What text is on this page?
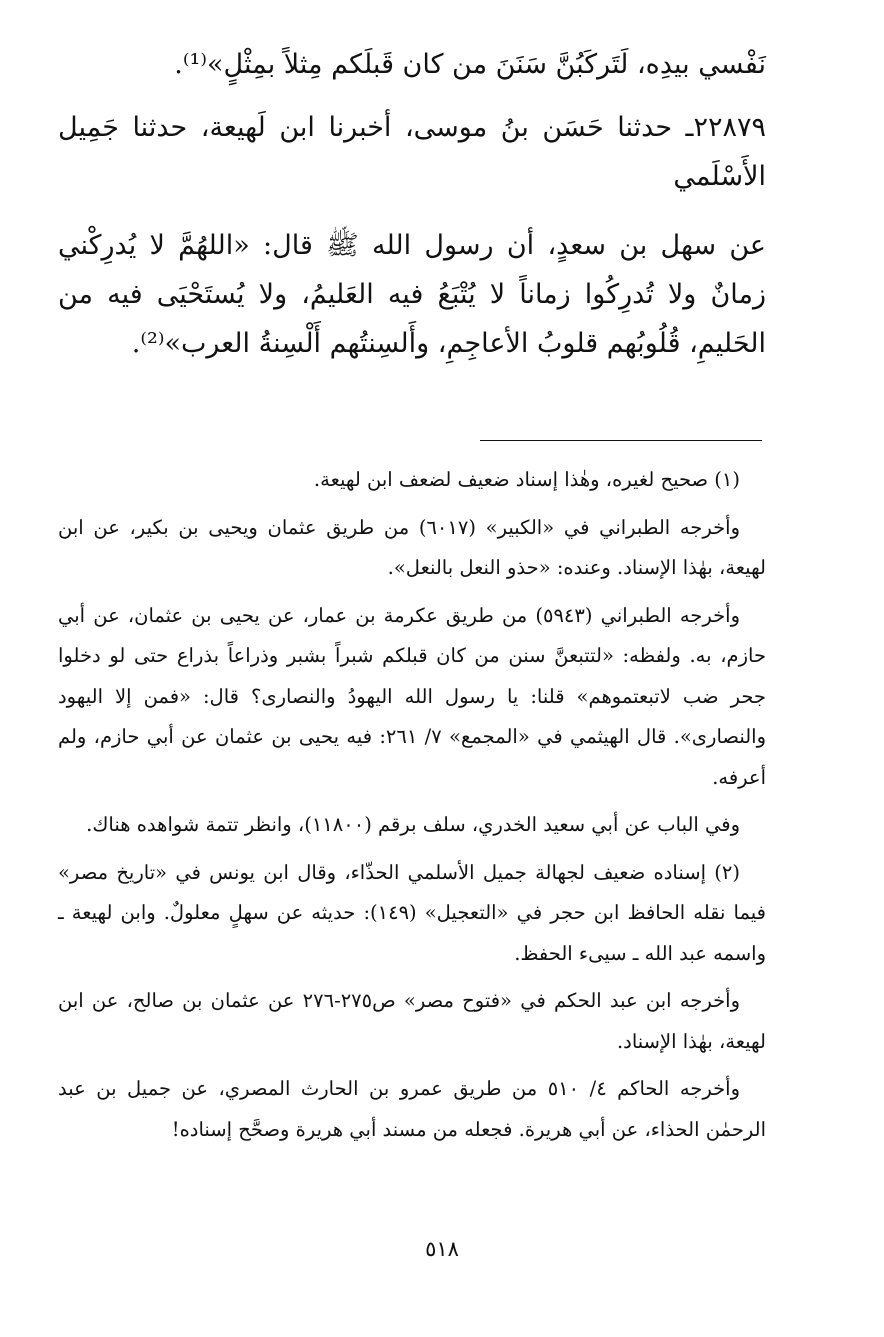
نَفْسي بيدِه، لَتَركَبُنَّ سَنَنَ من كان قَبلَكم مِثلاً بمِثْلٍ»⁽¹⁾.

٢٢٨٧٩ـ حدثنا حَسَن بنُ موسى، أخبرنا ابن لَهيعة، حدثنا جَمِيل الأَسْلَمي

عن سهل بن سعدٍ، أن رسول الله ﷺ قال: «اللهُمَّ لا يُدرِكْني زمانٌ ولا تُدرِكُوا زماناً لا يُتْبَعُ فيه العَليمُ، ولا يُستَحْيَى فيه من الحَليمِ، قُلُوبُهم قلوبُ الأعاجِمِ، وأَلسِنتُهم أَلْسِنةُ العرب»⁽²⁾.

(١) صحيح لغيره، وهٰذا إسناد ضعيف لضعف ابن لهيعة.

وأخرجه الطبراني في «الكبير» (٦٠١٧) من طريق عثمان ويحيى بن بكير، عن ابن لهيعة، بهٰذا الإسناد. وعنده: «حذو النعل بالنعل».

وأخرجه الطبراني (٥٩٤٣) من طريق عكرمة بن عمار، عن يحيى بن عثمان، عن أبي حازم، به. ولفظه: «لتتبعنَّ سنن من كان قبلكم شبراً بشبر وذراعاً بذراع حتى لو دخلوا جحر ضب لاتبعتموهم» قلنا: يا رسول الله اليهودُ والنصارى؟ قال: «فمن إلا اليهود والنصارى». قال الهيثمي في «المجمع» ٧/ ٢٦١: فيه يحيى بن عثمان عن أبي حازم، ولم أعرفه.

وفي الباب عن أبي سعيد الخدري، سلف برقم (١١٨٠٠)، وانظر تتمة شواهده هناك.

(٢) إسناده ضعيف لجهالة جميل الأسلمي الحذّاء، وقال ابن يونس في «تاريخ مصر» فيما نقله الحافظ ابن حجر في «التعجيل» (١٤٩): حديثه عن سهلٍ معلولٌ. وابن لهيعة ـ واسمه عبد الله ـ سيىء الحفظ.

وأخرجه ابن عبد الحكم في «فتوح مصر» ص٢٧٥-٢٧٦ عن عثمان بن صالح، عن ابن لهيعة، بهٰذا الإسناد.

وأخرجه الحاكم ٤/ ٥١٠ من طريق عمرو بن الحارث المصري، عن جميل بن عبد الرحمٰن الحذاء، عن أبي هريرة. فجعله من مسند أبي هريرة وصحَّح إسناده!

٥١٨
